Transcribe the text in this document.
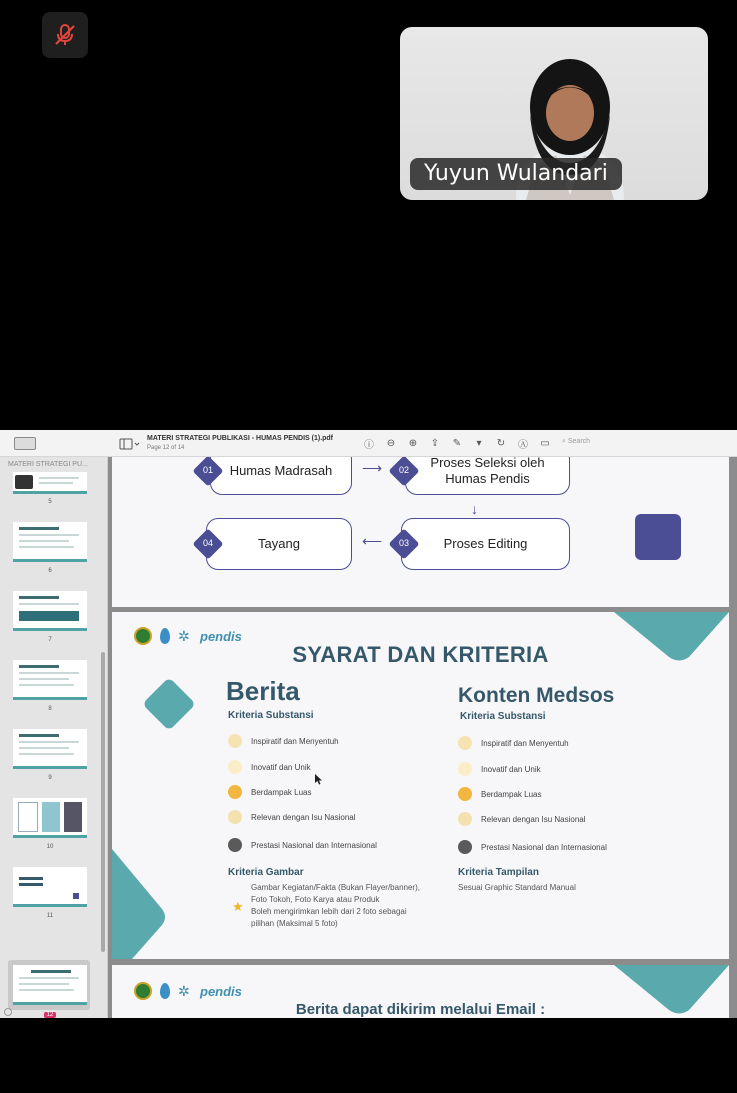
Yuyun Wulandari
MATERI STRATEGI PUBLIKASI - HUMAS PENDIS (1).pdf
Page 12 of 14	ⓘ ⊖ ⊕ ⇪ ✎	▾	↻ Ⓐ ▭	⌕ Search
MATERI STRATEGI PU...
5
6
7
8
9
10
11
12
Humas Madrasah
01	⟶	Proses Seleksi oleh Humas Pendis
02
↓
Tayang
04	⟵	Proses Editing
03
✲ pendis
SYARAT DAN KRITERIA
Berita
Kriteria Substansi
Inspiratif dan Menyentuh
Inovatif dan Unik
Berdampak Luas
Relevan dengan Isu Nasional
Prestasi Nasional dan Internasional
Kriteria Gambar
★
Gambar Kegiatan/Fakta (Bukan Flayer/banner),
Foto Tokoh, Foto Karya atau Produk
Boleh mengirimkan lebih dari 2 foto sebagai
pilihan (Maksimal 5 foto)
Konten Medsos
Kriteria Substansi
Inspiratif dan Menyentuh
Inovatif dan Unik
Berdampak Luas
Relevan dengan Isu Nasional
Prestasi Nasional dan Internasional
Kriteria Tampilan
Sesuai Graphic Standard Manual
✲ pendis
Berita dapat dikirim melalui Email :
